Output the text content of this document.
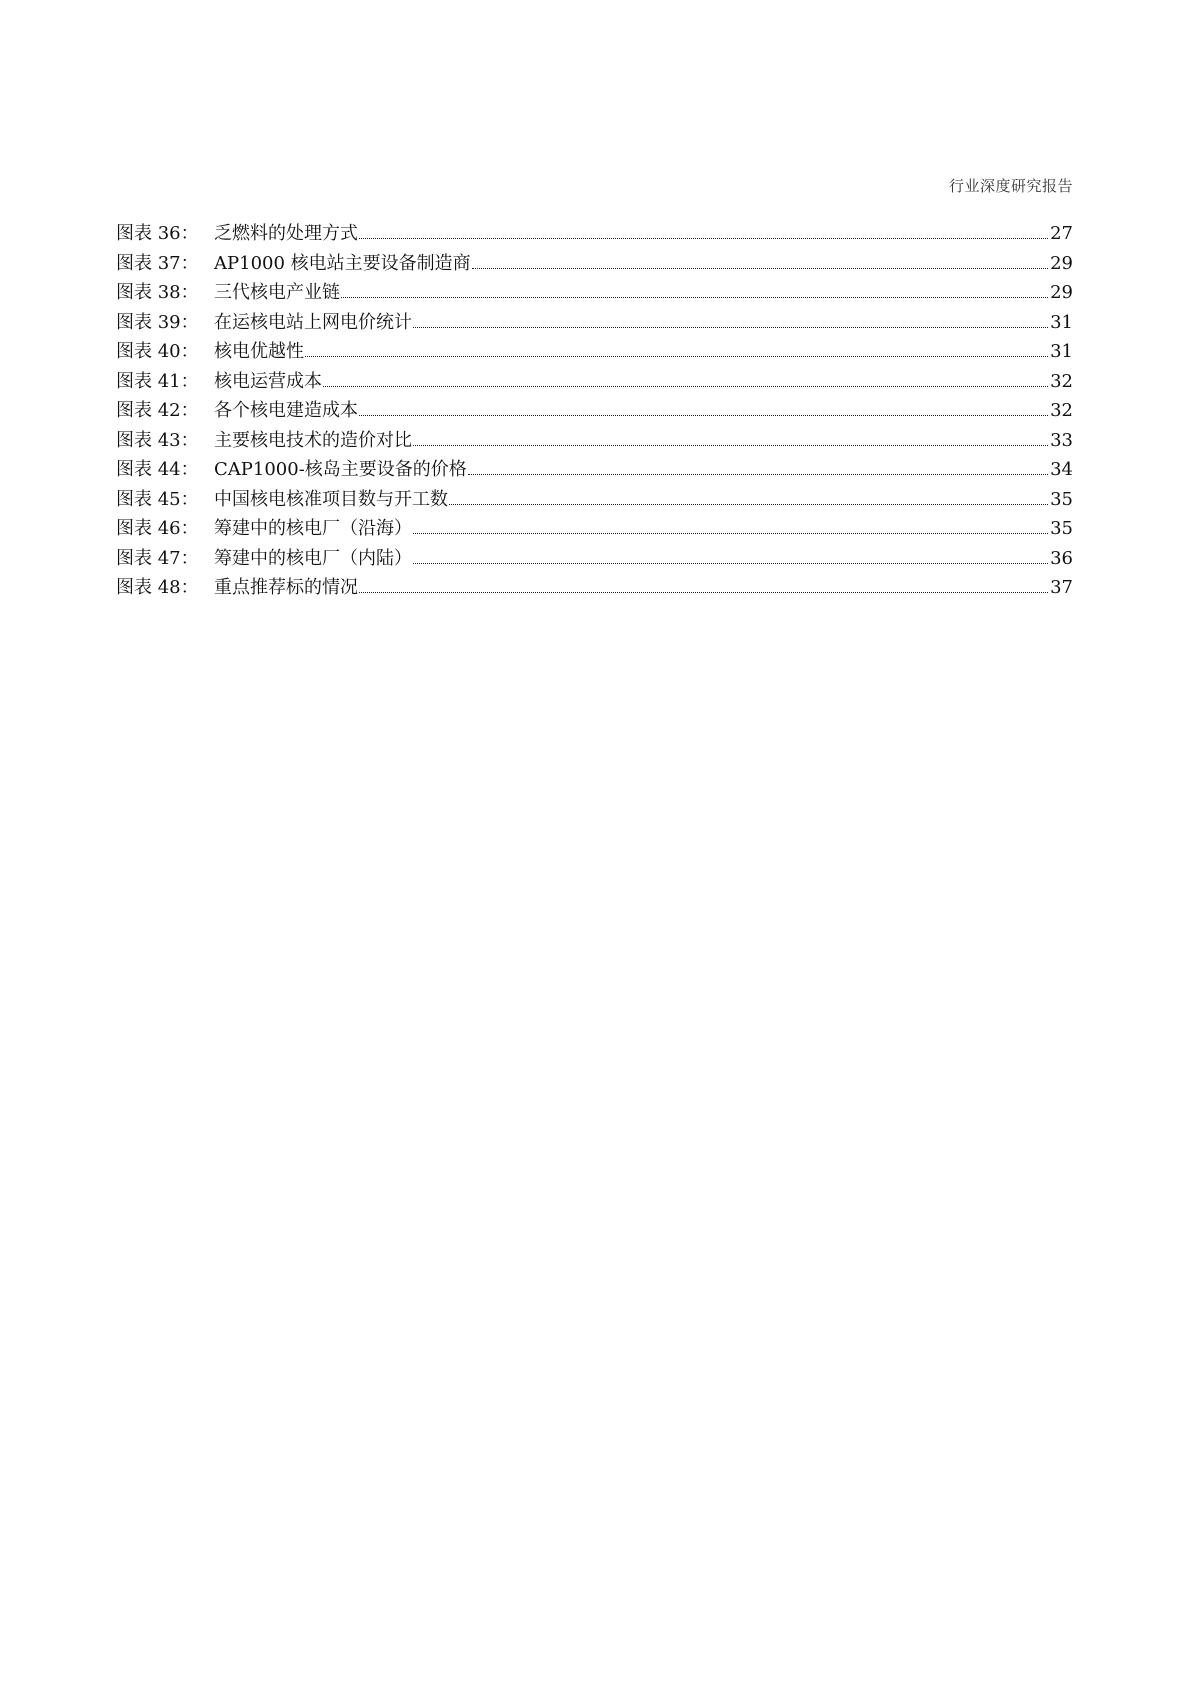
行业深度研究报告
图表 36： 乏燃料的处理方式	27
图表 37： AP1000 核电站主要设备制造商	29
图表 38： 三代核电产业链	29
图表 39： 在运核电站上网电价统计	31
图表 40： 核电优越性	31
图表 41： 核电运营成本	32
图表 42： 各个核电建造成本	32
图表 43： 主要核电技术的造价对比	33
图表 44： CAP1000-核岛主要设备的价格	34
图表 45： 中国核电核准项目数与开工数	35
图表 46： 筹建中的核电厂（沿海）	35
图表 47： 筹建中的核电厂（内陆）	36
图表 48： 重点推荐标的情况	37
